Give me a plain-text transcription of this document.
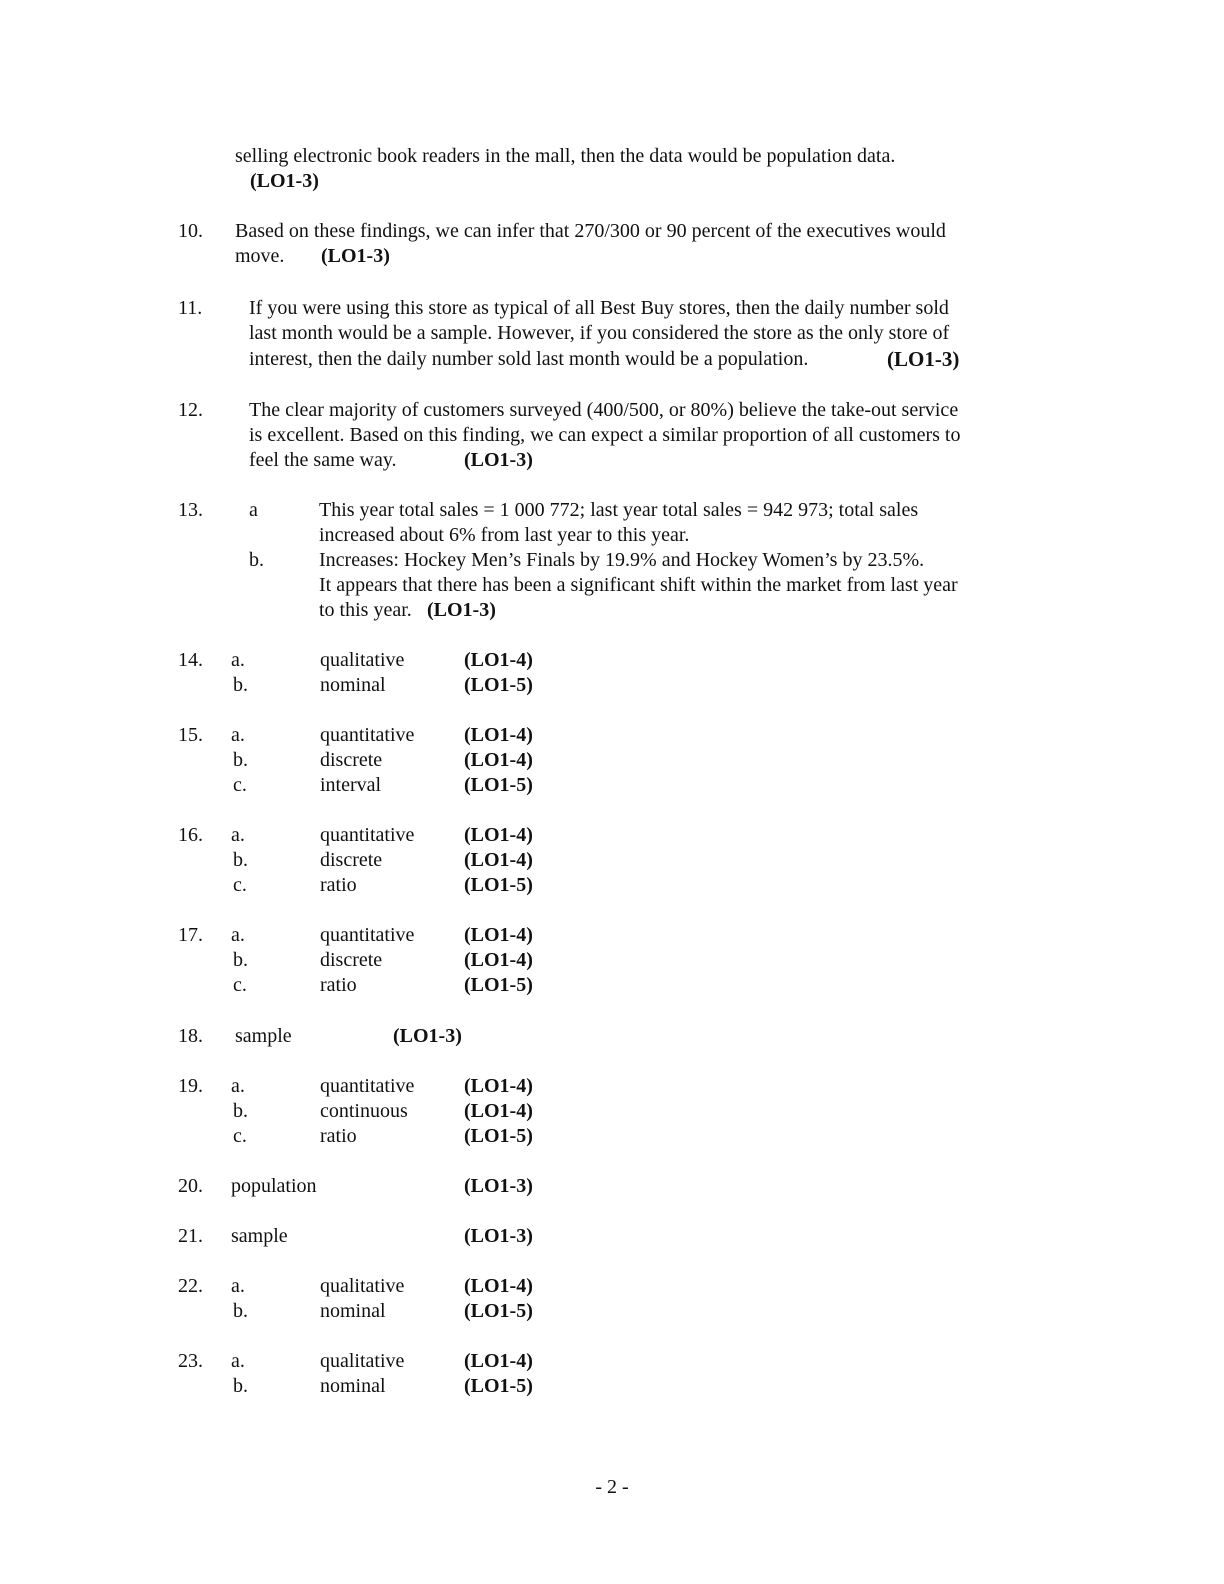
selling electronic book readers in the mall, then the data would be population data.
(LO1-3)
10. Based on these findings, we can infer that 270/300 or 90 percent of the executives would
move. (LO1-3)
11. If you were using this store as typical of all Best Buy stores, then the daily number sold
last month would be a sample. However, if you considered the store as the only store of
interest, then the daily number sold last month would be a population.	(LO1-3)
12. The clear majority of customers surveyed (400/500, or 80%) believe the take-out service
is excellent. Based on this finding, we can expect a similar proportion of all customers to
feel the same way.	(LO1-3)
13. a	This year total sales = 1 000 772; last year total sales = 942 973; total sales
increased about 6% from last year to this year.
b.	Increases: Hockey Men’s Finals by 19.9% and Hockey Women’s by 23.5%.
It appears that there has been a significant shift within the market from last year
to this year. (LO1-3)
14. a.	qualitative	(LO1-4)
b.	nominal	(LO1-5)
15. a.	quantitative (LO1-4)
b.	discrete	(LO1-4)
c.	interval	(LO1-5)
16. a.	quantitative (LO1-4)
b.	discrete	(LO1-4)
c.	ratio	(LO1-5)
17. a.	quantitative (LO1-4)
b.	discrete	(LO1-4)
c.	ratio	(LO1-5)
18. sample	(LO1-3)
19. a.	quantitative (LO1-4)
b.	continuous	(LO1-4)
c.	ratio	(LO1-5)
20. population	(LO1-3)
21. sample	(LO1-3)
22. a.	qualitative	(LO1-4)
b.	nominal	(LO1-5)
23. a.	qualitative	(LO1-4)
b.	nominal	(LO1-5)
- 2 -
